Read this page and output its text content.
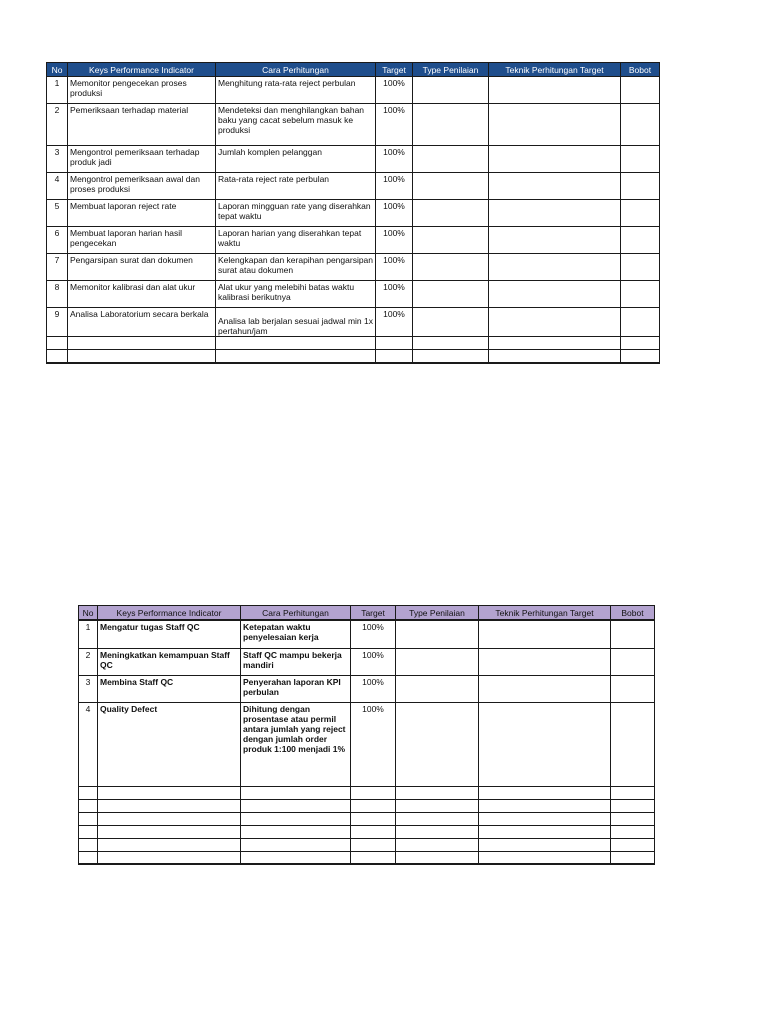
No	Keys Performance Indicator	Cara Perhitungan	Target	Type Penilaian	Teknik Perhitungan Target	Bobot
1	Memonitor pengecekan proses produksi	Menghitung rata-rata reject perbulan	100%			
2	Pemeriksaan terhadap material	Mendeteksi dan menghilangkan bahan baku yang cacat sebelum masuk ke produksi	100%			
3	Mengontrol pemeriksaan terhadap produk jadi	Jumlah komplen pelanggan	100%			
4	Mengontrol pemeriksaan awal dan proses produksi	Rata-rata reject rate perbulan	100%			
5	Membuat laporan reject rate	Laporan mingguan rate yang diserahkan tepat waktu	100%			
6	Membuat laporan harian hasil pengecekan	Laporan harian yang diserahkan tepat waktu	100%			
7	Pengarsipan surat dan dokumen	Kelengkapan dan kerapihan pengarsipan surat atau dokumen	100%			
8	Memonitor kalibrasi dan alat ukur	Alat ukur yang melebihi batas waktu kalibrasi berikutnya	100%			
9	Analisa Laboratorium secara berkala	Analisa lab berjalan sesuai jadwal min 1x pertahun/jam	100%			

No	Keys Performance Indicator	Cara Perhitungan	Target	Type Penilaian	Teknik Perhitungan Target	Bobot
1	Mengatur tugas Staff QC	Ketepatan waktu penyelesaian kerja	100%			
2	Meningkatkan kemampuan Staff QC	Staff QC mampu bekerja mandiri	100%			
3	Membina Staff QC	Penyerahan laporan KPI perbulan	100%			
4	Quality Defect	Dihitung dengan prosentase atau permil antara jumlah yang reject dengan jumlah order produk 1:100 menjadi 1%	100%			
